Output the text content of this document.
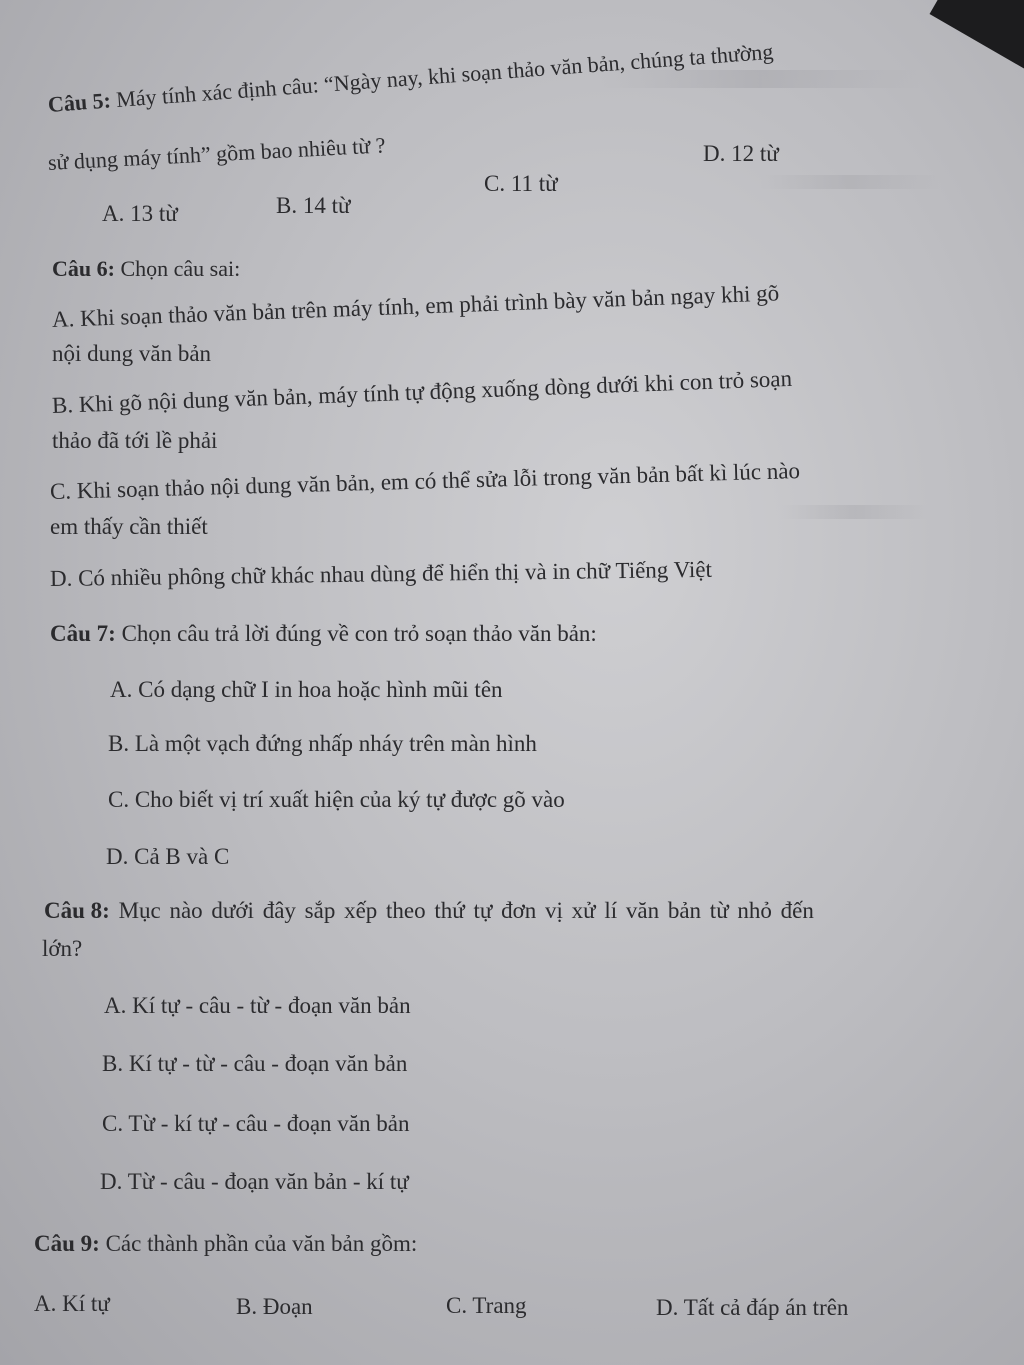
Câu 5: Máy tính xác định câu: “Ngày nay, khi soạn thảo văn bản, chúng ta thường
sử dụng máy tính” gồm bao nhiêu từ ?
A. 13 từ	B. 14 từ
C. 11 từ
D. 12 từ
Câu 6: Chọn câu sai:
A. Khi soạn thảo văn bản trên máy tính, em phải trình bày văn bản ngay khi gõ
nội dung văn bản
B. Khi gõ nội dung văn bản, máy tính tự động xuống dòng dưới khi con trỏ soạn
thảo đã tới lề phải
C. Khi soạn thảo nội dung văn bản, em có thể sửa lỗi trong văn bản bất kì lúc nào
em thấy cần thiết
D. Có nhiều phông chữ khác nhau dùng để hiển thị và in chữ Tiếng Việt
Câu 7: Chọn câu trả lời đúng về con trỏ soạn thảo văn bản:
A. Có dạng chữ I in hoa hoặc hình mũi tên
B. Là một vạch đứng nhấp nháy trên màn hình
C. Cho biết vị trí xuất hiện của ký tự được gõ vào
D. Cả B và C
Câu 8: Mục nào dưới đây sắp xếp theo thứ tự đơn vị xử lí văn bản từ nhỏ đến
lớn?
A. Kí tự - câu - từ - đoạn văn bản
B. Kí tự - từ - câu - đoạn văn bản
C. Từ - kí tự - câu - đoạn văn bản
D. Từ - câu - đoạn văn bản - kí tự
Câu 9: Các thành phần của văn bản gồm:
A. Kí tự	B. Đoạn	C. Trang	D. Tất cả đáp án trên
